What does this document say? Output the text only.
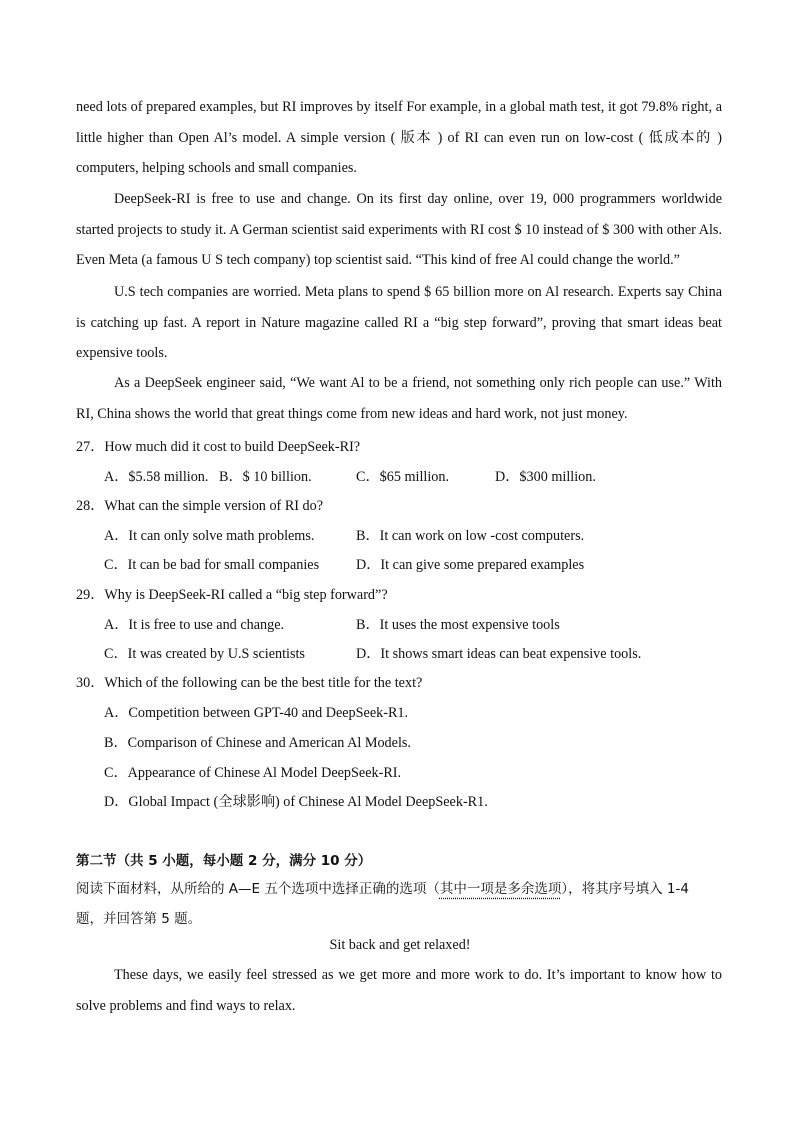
need lots of prepared examples, but RI improves by itself For example, in a global math test, it got 79.8% right, a little higher than Open Al’s model. A simple version ( 版本 ) of RI can even run on low-cost ( 低成本的 ) computers, helping schools and small companies.

DeepSeek-RI is free to use and change. On its first day online, over 19, 000 programmers worldwide started projects to study it. A German scientist said experiments with RI cost $ 10 instead of $ 300 with other Als. Even Meta (a famous U S tech company) top scientist said. “This kind of free Al could change the world.”

U.S tech companies are worried. Meta plans to spend $ 65 billion more on Al research. Experts say China is catching up fast. A report in Nature magazine called RI a “big step forward”, proving that smart ideas beat expensive tools.

As a DeepSeek engineer said, “We want Al to be a friend, not something only rich people can use.” With RI, China shows the world that great things come from new ideas and hard work, not just money.

27．How much did it cost to build DeepSeek-RI?
A．$5.58 million. B．$ 10 billion.	C．$65 million.	D．$300 million.
28．What can the simple version of RI do?
A．It can only solve math problems.	B．It can work on low -cost computers.
C．It can be bad for small companies	D．It can give some prepared examples
29．Why is DeepSeek-RI called a “big step forward”?
A．It is free to use and change.	B．It uses the most expensive tools
C．It was created by U.S scientists	D．It shows smart ideas can beat expensive tools.
30．Which of the following can be the best title for the text?
A．Competition between GPT-40 and DeepSeek-R1.
B．Comparison of Chinese and American Al Models.
C．Appearance of Chinese Al Model DeepSeek-RI.
D．Global Impact (全球影响) of Chinese Al Model DeepSeek-R1.
第二节（共 5 小题，每小题 2 分，满分 10 分）
阅读下面材料，从所给的 A—E 五个选项中选择正确的选项（其中一项是多余选项），将其序号填入 1-4
题，并回答第 5 题。
Sit back and get relaxed!

These days, we easily feel stressed as we get more and more work to do. It’s important to know how to solve problems and find ways to relax.
